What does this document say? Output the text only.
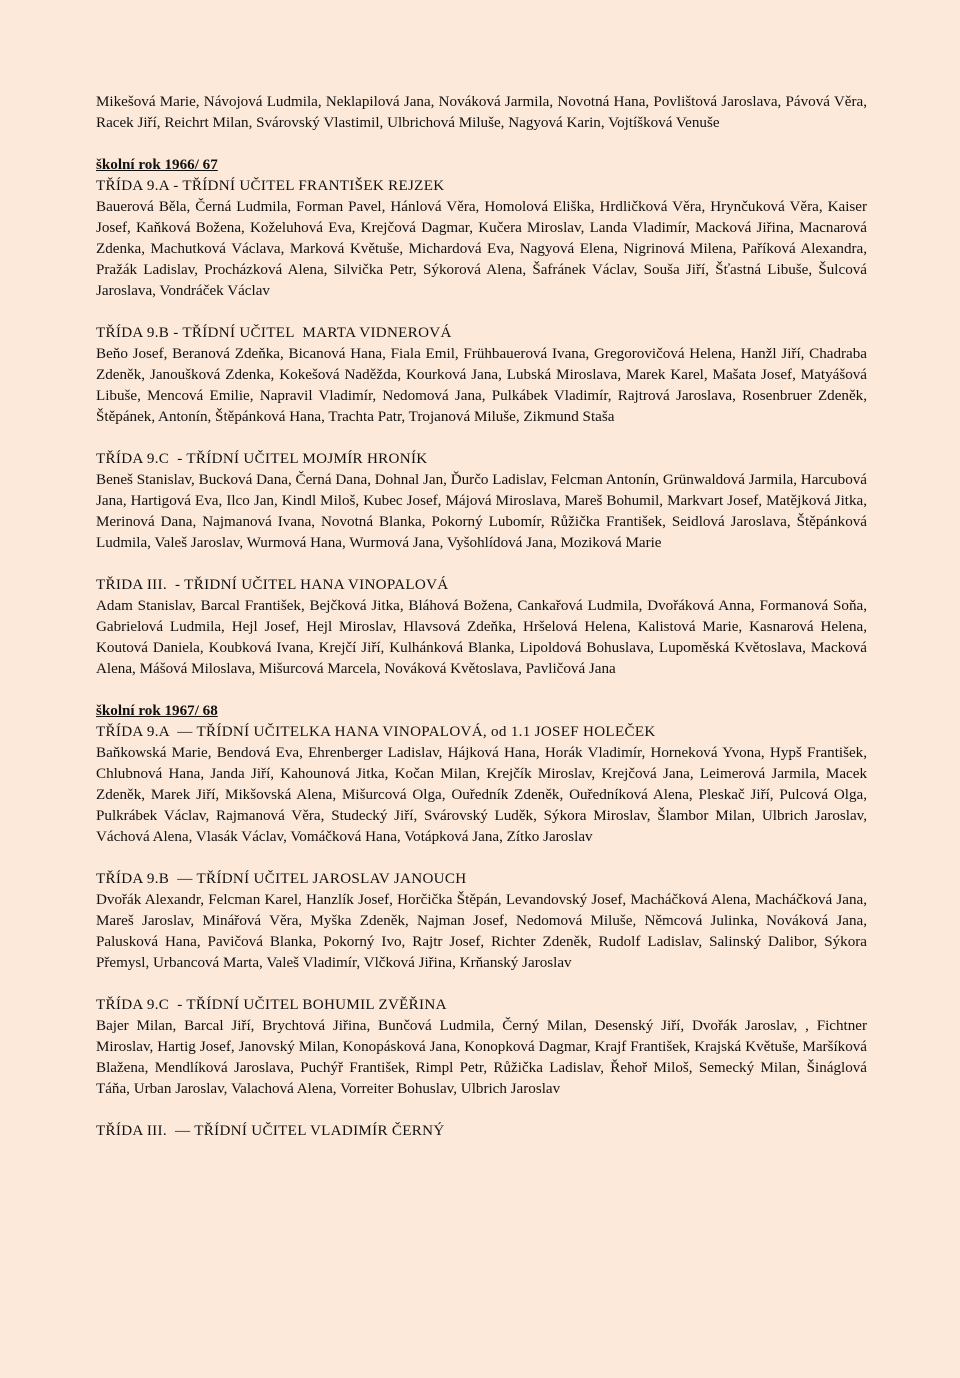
Mikešová Marie, Návojová Ludmila, Neklapilová Jana, Nováková Jarmila, Novotná Hana, Povlištová Jaroslava, Pávová Věra, Racek Jiří, Reichrt Milan, Svárovský Vlastimil, Ulbrichová Miluše, Nagyová Karin, Vojtíšková Venuše

školní rok 1966/ 67

TŘÍDA 9.A - TŘÍDNÍ UČITEL FRANTIŠEK REJZEK

Bauerová Běla, Černá Ludmila, Forman Pavel, Hánlová Věra, Homolová Eliška, Hrdličková Věra, Hrynčuková Věra, Kaiser Josef, Kaňková Božena, Koželuhová Eva, Krejčová Dagmar, Kučera Miroslav, Landa Vladimír, Macková Jiřina, Macnarová Zdenka, Machutková Václava, Marková Květuše, Michardová Eva, Nagyová Elena, Nigrinová Milena, Paříková Alexandra, Pražák Ladislav, Procházková Alena, Silvička Petr, Sýkorová Alena, Šafránek Václav, Souša Jiří, Šťastná Libuše, Šulcová Jaroslava, Vondráček Václav

TŘÍDA 9.B - TŘÍDNÍ UČITEL  MARTA VIDNEROVÁ

Beňo Josef, Beranová Zdeňka, Bicanová Hana, Fiala Emil, Frühbauerová Ivana, Gregorovičová Helena, Hanžl Jiří, Chadraba Zdeněk, Janoušková Zdenka, Kokešová Naděžda, Kourková Jana, Lubská Miroslava, Marek Karel, Mašata Josef, Matyášová Libuše, Mencová Emilie, Napravil Vladimír, Nedomová Jana, Pulkábek Vladimír, Rajtrová Jaroslava, Rosenbruer Zdeněk, Štěpánek, Antonín, Štěpánková Hana, Trachta Patr, Trojanová Miluše, Zikmund Staša

TŘÍDA 9.C  - TŘÍDNÍ UČITEL MOJMÍR HRONÍK

Beneš Stanislav, Bucková Dana, Černá Dana, Dohnal Jan, Ďurčo Ladislav, Felcman Antonín, Grünwaldová Jarmila, Harcubová Jana, Hartigová Eva, Ilco Jan, Kindl Miloš, Kubec Josef, Májová Miroslava, Mareš Bohumil, Markvart Josef, Matějková Jitka, Merinová Dana, Najmanová Ivana, Novotná Blanka, Pokorný Lubomír, Růžička František, Seidlová Jaroslava, Štěpánková Ludmila, Valeš Jaroslav, Wurmová Hana, Wurmová Jana, Vyšohlídová Jana, Moziková Marie

TŘIDA III.  - TŘIDNÍ UČITEL HANA VINOPALOVÁ

Adam Stanislav, Barcal František, Bejčková Jitka, Bláhová Božena, Cankařová Ludmila, Dvořáková Anna, Formanová Soňa, Gabrielová Ludmila, Hejl Josef, Hejl Miroslav, Hlavsová Zdeňka, Hršelová Helena, Kalistová Marie, Kasnarová Helena, Koutová Daniela, Koubková Ivana, Krejčí Jiří, Kulhánková Blanka, Lipoldová Bohuslava, Lupoměská Květoslava, Macková Alena, Mášová Miloslava, Mišurcová Marcela, Nováková Květoslava, Pavličová Jana

školní rok 1967/ 68

TŘÍDA 9.A  — TŘÍDNÍ UČITELKA HANA VINOPALOVÁ, od 1.1 JOSEF HOLEČEK

Baňkowská Marie, Bendová Eva, Ehrenberger Ladislav, Hájková Hana, Horák Vladimír, Horneková Yvona, Hypš František, Chlubnová Hana, Janda Jiří, Kahounová Jitka, Kočan Milan, Krejčík Miroslav, Krejčová Jana, Leimerová Jarmila, Macek Zdeněk, Marek Jiří, Mikšovská Alena, Mišurcová Olga, Ouředník Zdeněk, Ouředníková Alena, Pleskač Jiří, Pulcová Olga, Pulkrábek Václav, Rajmanová Věra, Studecký Jiří, Svárovský Luděk, Sýkora Miroslav, Šlambor Milan, Ulbrich Jaroslav, Váchová Alena, Vlasák Václav, Vomáčková Hana, Votápková Jana, Zítko Jaroslav

TŘÍDA 9.B  — TŘÍDNÍ UČITEL JAROSLAV JANOUCH

Dvořák Alexandr, Felcman Karel, Hanzlík Josef, Horčička Štěpán, Levandovský Josef, Macháčková Alena, Macháčková Jana, Mareš Jaroslav, Minářová Věra, Myška Zdeněk, Najman Josef, Nedomová Miluše, Němcová Julinka, Nováková Jana, Palusková Hana, Pavičová Blanka, Pokorný Ivo, Rajtr Josef, Richter Zdeněk, Rudolf Ladislav, Salinský Dalibor, Sýkora Přemysl, Urbancová Marta, Valeš Vladimír, Vlčková Jiřina, Krňanský Jaroslav

TŘÍDA 9.C  - TŘÍDNÍ UČITEL BOHUMIL ZVĚŘINA

Bajer Milan, Barcal Jiří, Brychtová Jiřina, Bunčová Ludmila, Černý Milan, Desenský Jiří, Dvořák Jaroslav, , Fichtner Miroslav, Hartig Josef, Janovský Milan, Konopásková Jana, Konopková Dagmar, Krajf František, Krajská Květuše, Maršíková Blažena, Mendlíková Jaroslava, Puchýř František, Rimpl Petr, Růžička Ladislav, Řehoř Miloš, Semecký Milan, Šináglová Táňa, Urban Jaroslav, Valachová Alena, Vorreiter Bohuslav, Ulbrich Jaroslav

TŘÍDA III.  — TŘÍDNÍ UČITEL VLADIMÍR ČERNÝ
